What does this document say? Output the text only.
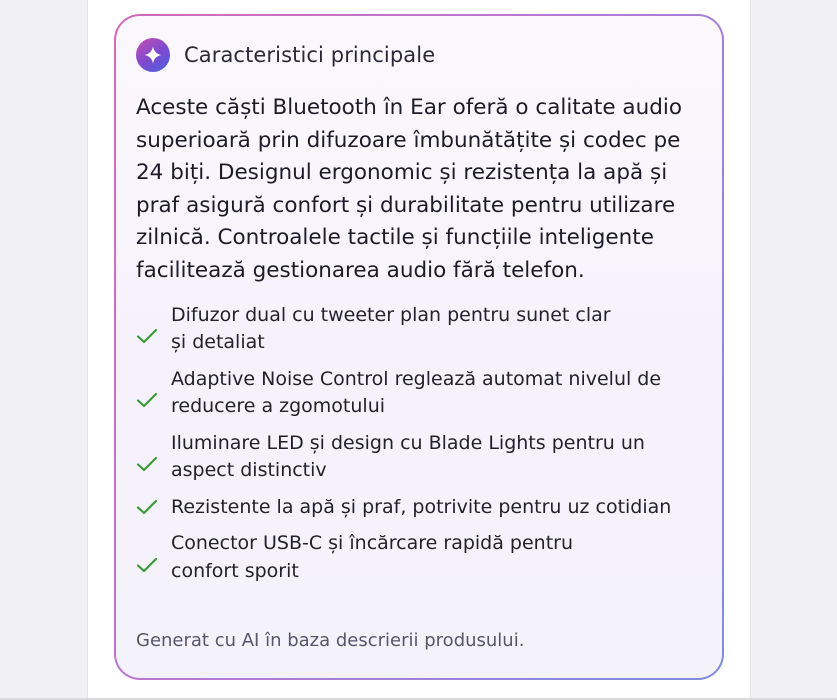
Caracteristici principale

Aceste căști Bluetooth în Ear oferă o calitate audio superioară prin difuzoare îmbunătățite și codec pe 24 biți. Designul ergonomic și rezistența la apă și praf asigură confort și durabilitate pentru utilizare zilnică. Controalele tactile și funcțiile inteligente facilitează gestionarea audio fără telefon.

Difuzor dual cu tweeter plan pentru sunet clar
și detaliat
Adaptive Noise Control reglează automat nivelul de
reducere a zgomotului
Iluminare LED și design cu Blade Lights pentru un
aspect distinctiv
Rezistente la apă și praf, potrivite pentru uz cotidian
Conector USB-C și încărcare rapidă pentru
confort sporit
Generat cu AI în baza descrierii produsului.
